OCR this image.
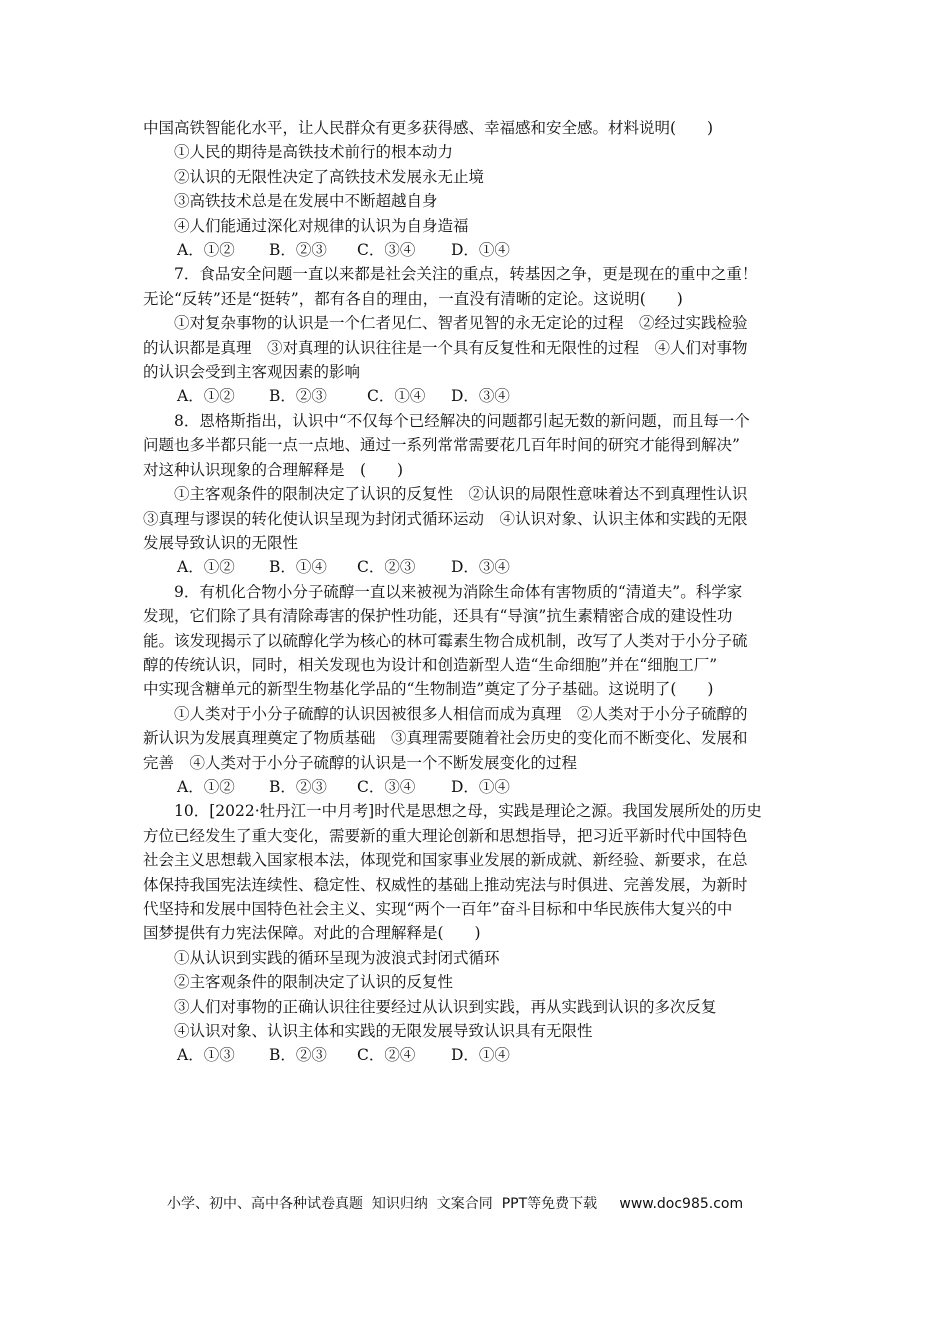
中国高铁智能化水平，让人民群众有更多获得感、幸福感和安全感。材料说明(　　)
①人民的期待是高铁技术前行的根本动力
②认识的无限性决定了高铁技术发展永无止境
③高铁技术总是在发展中不断超越自身
④人们能通过深化对规律的认识为自身造福
A．①②	B．②③	C．③④	D．①④
7．食品安全问题一直以来都是社会关注的重点，转基因之争，更是现在的重中之重！
无论“反转”还是“挺转”，都有各自的理由，一直没有清晰的定论。这说明(　　)
①对复杂事物的认识是一个仁者见仁、智者见智的永无定论的过程　②经过实践检验
的认识都是真理　③对真理的认识往往是一个具有反复性和无限性的过程　④人们对事物
的认识会受到主客观因素的影响
A．①②	B．②③	C．①④	D．③④
8．恩格斯指出，认识中“不仅每个已经解决的问题都引起无数的新问题，而且每一个
问题也多半都只能一点一点地、通过一系列常常需要花几百年时间的研究才能得到解决”
对这种认识现象的合理解释是　(　　)
①主客观条件的限制决定了认识的反复性　②认识的局限性意味着达不到真理性认识
③真理与谬误的转化使认识呈现为封闭式循环运动　④认识对象、认识主体和实践的无限
发展导致认识的无限性
A．①②	B．①④	C．②③	D．③④
9．有机化合物小分子硫醇一直以来被视为消除生命体有害物质的“清道夫”。科学家
发现，它们除了具有清除毒害的保护性功能，还具有“导演”抗生素精密合成的建设性功
能。该发现揭示了以硫醇化学为核心的林可霉素生物合成机制，改写了人类对于小分子硫
醇的传统认识，同时，相关发现也为设计和创造新型人造“生命细胞”并在“细胞工厂”
中实现含糖单元的新型生物基化学品的“生物制造”奠定了分子基础。这说明了(　　)
①人类对于小分子硫醇的认识因被很多人相信而成为真理　②人类对于小分子硫醇的
新认识为发展真理奠定了物质基础　③真理需要随着社会历史的变化而不断变化、发展和
完善　④人类对于小分子硫醇的认识是一个不断发展变化的过程
A．①②	B．②③	C．③④	D．①④
10．[2022·牡丹江一中月考]时代是思想之母，实践是理论之源。我国发展所处的历史
方位已经发生了重大变化，需要新的重大理论创新和思想指导，把习近平新时代中国特色
社会主义思想载入国家根本法，体现党和国家事业发展的新成就、新经验、新要求，在总
体保持我国宪法连续性、稳定性、权威性的基础上推动宪法与时俱进、完善发展，为新时
代坚持和发展中国特色社会主义、实现“两个一百年”奋斗目标和中华民族伟大复兴的中
国梦提供有力宪法保障。对此的合理解释是(　　)
①从认识到实践的循环呈现为波浪式封闭式循环
②主客观条件的限制决定了认识的反复性
③人们对事物的正确认识往往要经过从认识到实践，再从实践到认识的多次反复
④认识对象、认识主体和实践的无限发展导致认识具有无限性
A．①③	B．②③	C．②④	D．①④
小学、初中、高中各种试卷真题  知识归纳  文案合同  PPT等免费下载     www.doc985.com
